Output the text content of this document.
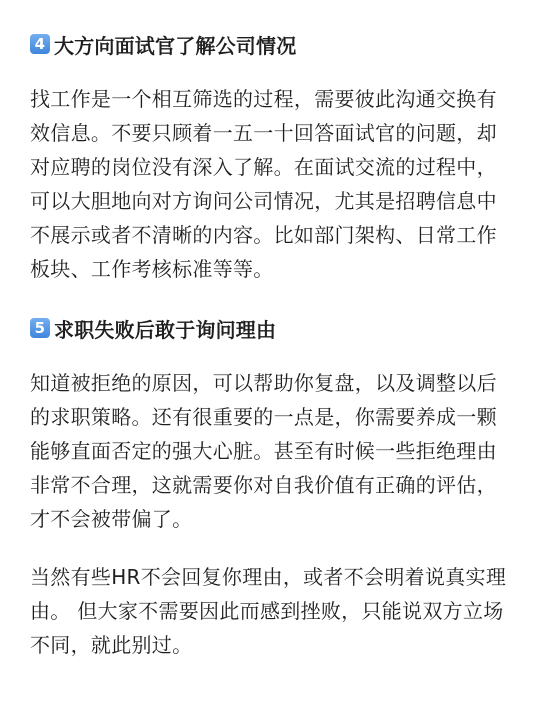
4 大方向面试官了解公司情况

找工作是一个相互筛选的过程，需要彼此沟通交换有
效信息。不要只顾着一五一十回答面试官的问题，却
对应聘的岗位没有深入了解。在面试交流的过程中，
可以大胆地向对方询问公司情况，尤其是招聘信息中
不展示或者不清晰的内容。比如部门架构、日常工作
板块、工作考核标准等等。

5 求职失败后敢于询问理由

知道被拒绝的原因，可以帮助你复盘，以及调整以后
的求职策略。还有很重要的一点是，你需要养成一颗
能够直面否定的强大心脏。甚至有时候一些拒绝理由
非常不合理，这就需要你对自我价值有正确的评估，
才不会被带偏了。

当然有些HR不会回复你理由，或者不会明着说真实理
由。 但大家不需要因此而感到挫败，只能说双方立场
不同，就此别过。
